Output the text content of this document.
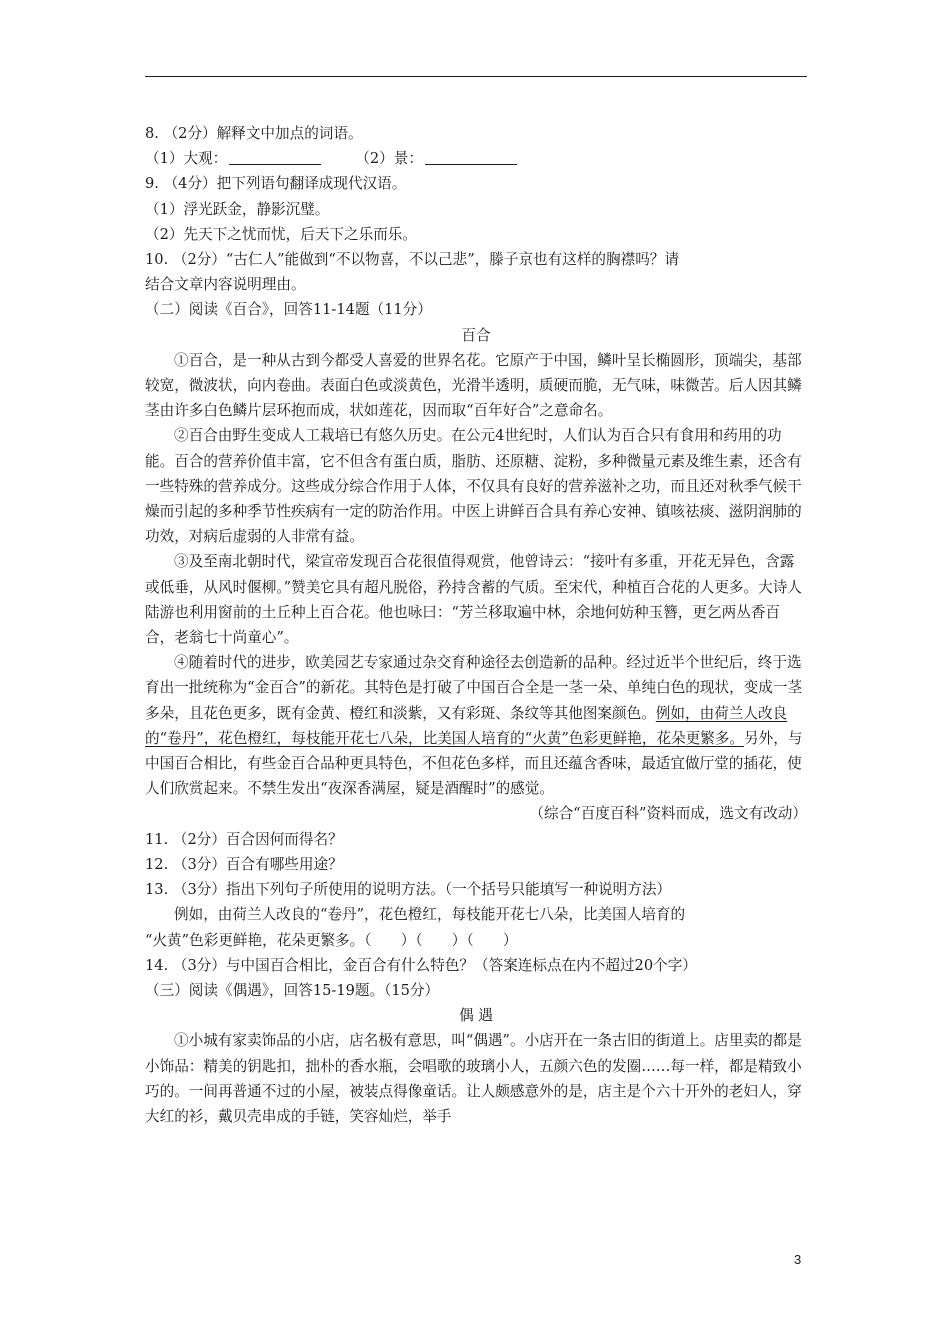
8. （2分）解释文中加点的词语。

（1）大观：	（2）景：

9. （4分）把下列语句翻译成现代汉语。

（1）浮光跃金，静影沉璧。

（2）先天下之忧而忧，后天下之乐而乐。

10. （2分）“古仁人”能做到“不以物喜，不以己悲”，滕子京也有这样的胸襟吗？请

结合文章内容说明理由。

（二）阅读《百合》，回答11-14题（11分）

百合

①百合，是一种从古到今都受人喜爱的世界名花。它原产于中国，鳞叶呈长椭圆形，顶端尖，基部较宽，微波状，向内卷曲。表面白色或淡黄色，光滑半透明，质硬而脆，无气味，味微苦。后人因其鳞茎由许多白色鳞片层环抱而成，状如莲花，因而取“百年好合”之意命名。

②百合由野生变成人工栽培已有悠久历史。在公元4世纪时，人们认为百合只有食用和药用的功能。百合的营养价值丰富，它不但含有蛋白质，脂肪、还原糖、淀粉，多种微量元素及维生素，还含有一些特殊的营养成分。这些成分综合作用于人体，不仅具有良好的营养滋补之功，而且还对秋季气候干燥而引起的多种季节性疾病有一定的防治作用。中医上讲鲜百合具有养心安神、镇咳祛痰、滋阴润肺的功效，对病后虚弱的人非常有益。

③及至南北朝时代，梁宣帝发现百合花很值得观赏，他曾诗云：“接叶有多重，开花无异色，含露或低垂，从风时偃柳。”赞美它具有超凡脱俗，矜持含蓄的气质。至宋代，种植百合花的人更多。大诗人陆游也利用窗前的土丘种上百合花。他也咏曰：“芳兰移取遍中林，余地何妨种玉簪，更乞两丛香百合，老翁七十尚童心”。

④随着时代的进步，欧美园艺专家通过杂交育种途径去创造新的品种。经过近半个世纪后，终于选育出一批统称为“金百合”的新花。其特色是打破了中国百合全是一茎一朵、单纯白色的现状，变成一茎多朵，且花色更多，既有金黄、橙红和淡紫，又有彩斑、条纹等其他图案颜色。例如，由荷兰人改良的“卷丹”，花色橙红，每枝能开花七八朵，比美国人培育的“火黄”色彩更鲜艳，花朵更繁多。另外，与中国百合相比，有些金百合品种更具特色，不但花色多样，而且还蕴含香味，最适宜做厅堂的插花，使人们欣赏起来。不禁生发出“夜深香满屋，疑是酒醒时”的感觉。

（综合“百度百科”资料而成，选文有改动）

11. （2分）百合因何而得名？

12. （3分）百合有哪些用途？

13. （3分）指出下列句子所使用的说明方法。（一个括号只能填写一种说明方法）

例如，由荷兰人改良的“卷丹”，花色橙红，每枝能开花七八朵，比美国人培育的

“火黄”色彩更鲜艳，花朵更繁多。（　　）（　　）（　　）

14. （3分）与中国百合相比，金百合有什么特色？（答案连标点在内不超过20个字）

（三）阅读《偶遇》，回答15-19题。（15分）

偶 遇

①小城有家卖饰品的小店，店名极有意思，叫“偶遇”。小店开在一条古旧的街道上。店里卖的都是小饰品：精美的钥匙扣，拙朴的香水瓶，会唱歌的玻璃小人，五颜六色的发圈……每一样，都是精致小巧的。一间再普通不过的小屋，被装点得像童话。让人颇感意外的是，店主是个六十开外的老妇人，穿大红的衫，戴贝壳串成的手链，笑容灿烂，举手

3
